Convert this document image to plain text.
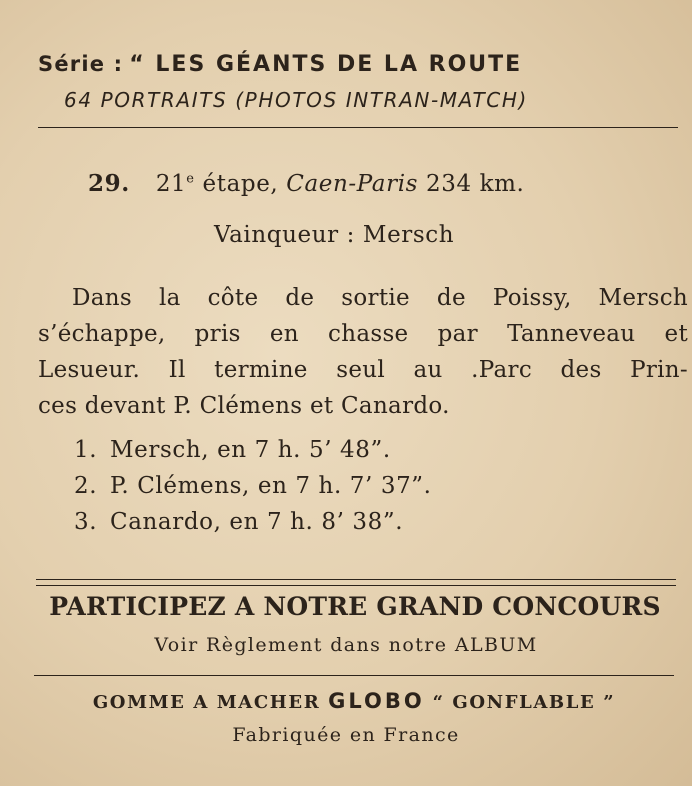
Série : “ LES GÉANTS DE LA ROUTE
64 PORTRAITS (PHOTOS INTRAN-MATCH)
29. 21e étape, Caen-Paris 234 km.
Vainqueur : Mersch
Dans la côte de sortie de Poissy, Mersch
s’échappe, pris en chasse par Tanneveau et
Lesueur. Il termine seul au .Parc des Prin-
ces devant P. Clémens et Canardo.
1. Mersch, en 7 h. 5’ 48”.
2. P. Clémens, en 7 h. 7’ 37”.
3. Canardo, en 7 h. 8’ 38”.
PARTICIPEZ A NOTRE GRAND CONCOURS
Voir Règlement dans notre ALBUM
GOMME A MACHER GLOBO “ GONFLABLE ”
Fabriquée en France
